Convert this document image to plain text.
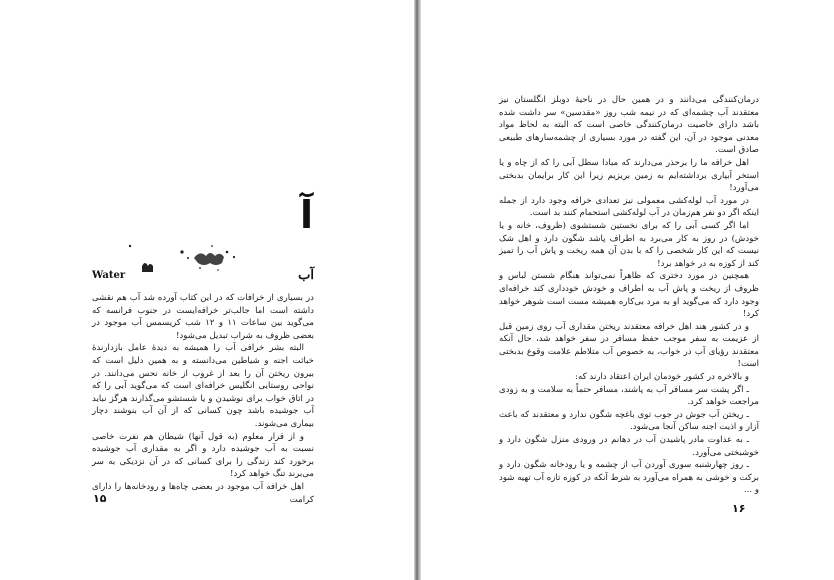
آ
Water	آب

در بسیاری از خرافات که در این کتاب آورده شد آب هم نقشی داشته است اما جالب‌تر خرافه‌ایست در جنوب فرانسه که می‌گوید بین ساعات ۱۱ و ۱۲ شب کریسمس آب موجود در بعضی ظروف به شراب تبدیل می‌شود!

البته بشر خرافی آب را همیشه به دیدهٔ عامل بازدارندهٔ خباثت اجنه و شیاطین می‌دانسته و به همین دلیل است که بیرون ریختن آن را بعد از غروب از خانه نحس می‌دانند. در نواحی روستایی انگلیس خرافه‌ای است که می‌گوید آبی را که در اتاق خواب برای نوشیدن و یا شستشو می‌گذارند هرگز نباید آب جوشیده باشد چون کسانی که از آن آب بنوشند دچار بیماری می‌شوند.

و از قرار معلوم (به قول آنها) شیطان هم نفرت خاصی نسبت به آب جوشیده دارد و اگر به مقداری آب جوشیده برخورد کند زندگی را برای کسانی که در آن نزدیکی به سر می‌برند تنگ خواهد کرد!

اهل خرافه آب موجود در بعضی چاه‌ها و رودخانه‌ها را دارای کرامت

۱۵

درمان‌کنندگی می‌دانند و در همین حال در ناحیهٔ دوبلز انگلستان نیز معتقدند آب چشمه‌ای که در نیمه شب روز «مقدسین» سر داشت شده باشد دارای خاصیت درمان‌کنندگی خاصی است که البته به لحاظ مواد معدنی موجود در آن، این گفته در مورد بسیاری از چشمه‌سارهای طبیعی صادق است.

اهل خرافه ما را برحذر می‌دارند که مبادا سطل آبی را که از چاه و یا استخر آبیاری برداشته‌ایم به زمین بریزیم زیرا این کار برایمان بدبختی می‌آورد!

در مورد آب لوله‌کشی معمولی نیز تعدادی خرافه وجود دارد از جمله اینکه اگر دو نفر هم‌زمان در آب لوله‌کشی استحمام کنند بد است.

اما اگر کسی آبی را که برای نخستین شستشوی (ظروف، خانه و یا خودش) در روز به کار می‌برد به اطراف پاشد شگون دارد و اهل شک نیست که این کار شخصی را که با بدن آن همه ریخت و پاش آب را تمیز کند از کوزه به در خواهد برد!

همچنین در مورد دختری که ظاهراً نمی‌تواند هنگام شستن لباس و ظروف از ریخت و پاش آب به اطراف و خودش خودداری کند خرافه‌ای وجود دارد که می‌گوید او به مرد بی‌کاره همیشه مست است شوهر خواهد کرد!

و در کشور هند اهل خرافه معتقدند ریختن مقداری آب روی زمین قبل از عزیمت به سفر موجب حفظ مسافر در سفر خواهد شد، حال آنکه معتقدند رؤیای آب در خواب، به خصوص آب متلاطم علامت وقوع بدبختی است!

و بالاخره در کشور خودمان ایران اعتقاد دارند که:

ـ اگر پشت سر مسافر آب به پاشند، مسافر حتماً به سلامت و به زودی مراجعت خواهد کرد.

ـ ریختن آب جوش در جوب توی باغچه شگون ندارد و معتقدند که باعث آزار و اذیت اجنه ساکن آنجا می‌شود.

ـ به عداوت مادر پاشیدن آب در دهانم در ورودی منزل شگون دارد و خوشبختی می‌آورد.

ـ روز چهارشنبه سوری آوردن آب از چشمه و یا رودخانه شگون دارد و برکت و خوشی به همراه می‌آورد به شرط آنکه در کوزه تازه آب تهیه شود و ...

۱۶
